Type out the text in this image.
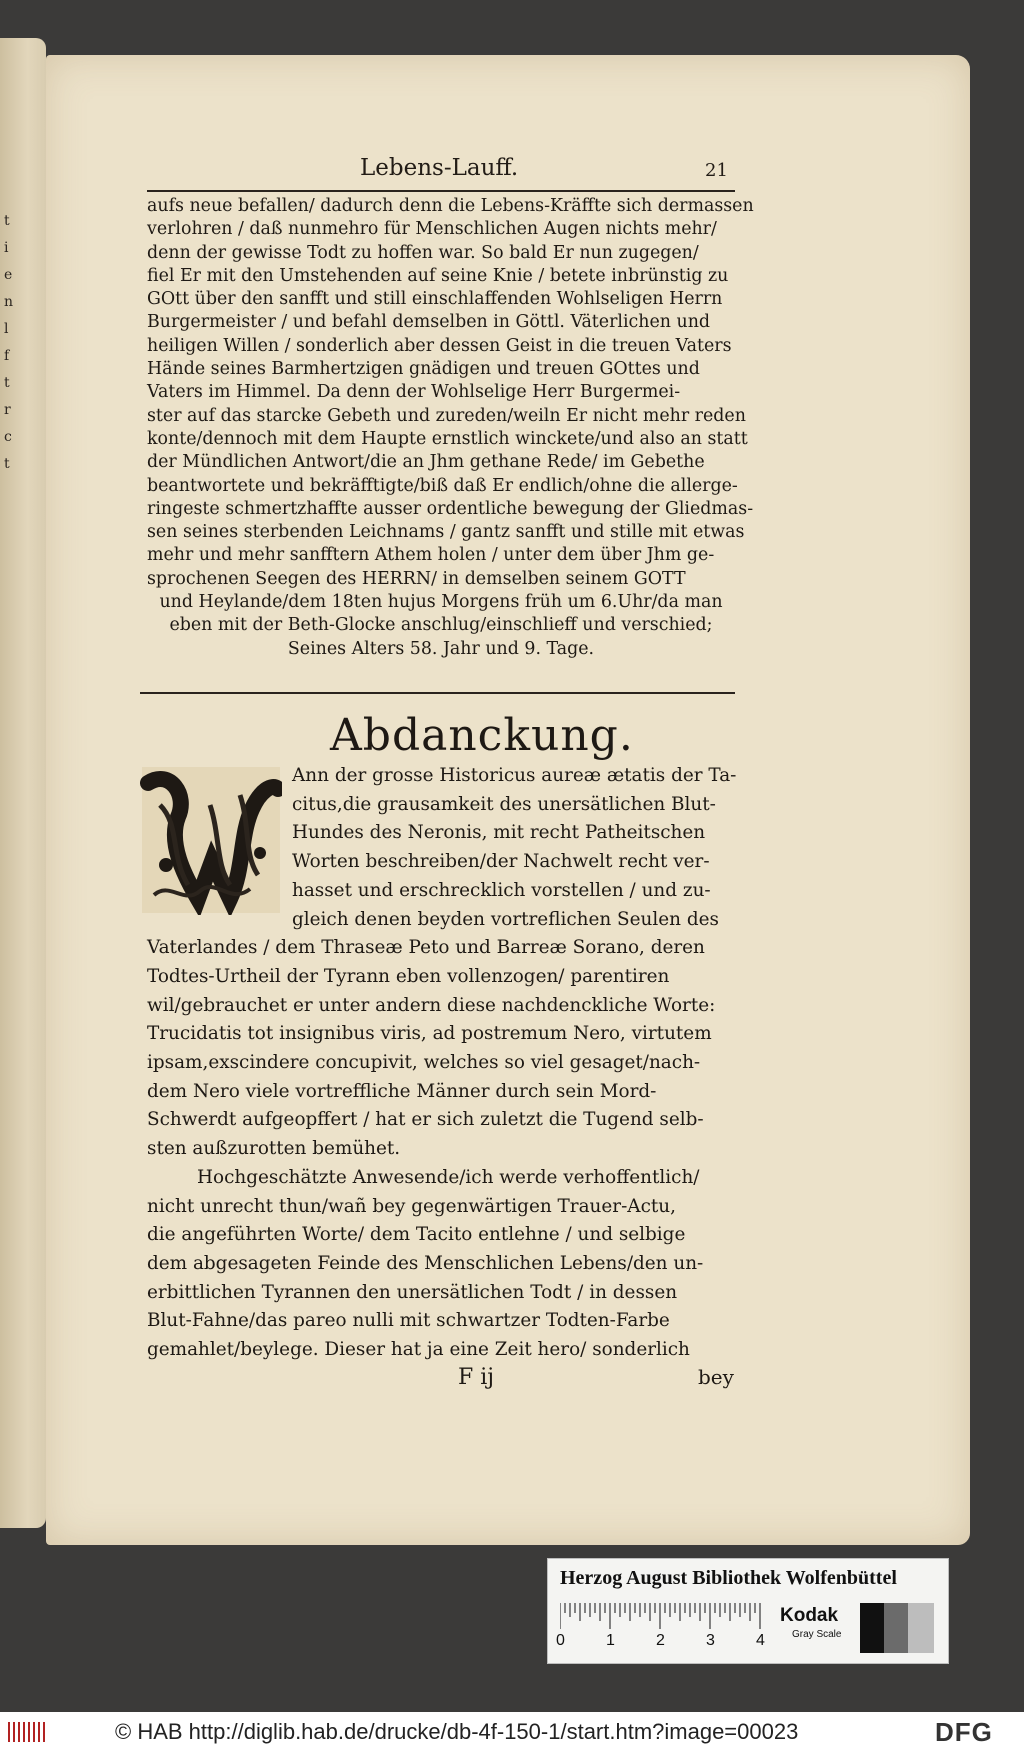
t
i
e
n
l
f
t
r
c
t
Lebens-Lauff.	21
aufs neue befallen/ dadurch denn die Lebens-Kräffte sich dermassen
verlohren / daß nunmehro für Menschlichen Augen nichts mehr/
denn der gewisse Todt zu hoffen war. So bald Er nun zugegen/
fiel Er mit den Umstehenden auf seine Knie / betete inbrünstig zu
GOtt über den sanfft und still einschlaffenden Wohlseligen Herrn
Burgermeister / und befahl demselben in Göttl. Väterlichen und
heiligen Willen / sonderlich aber dessen Geist in die treuen Vaters
Hände seines Barmhertzigen gnädigen und treuen GOttes und
Vaters im Himmel. Da denn der Wohlselige Herr Burgermei-
ster auf das starcke Gebeth und zureden/weiln Er nicht mehr reden
konte/dennoch mit dem Haupte ernstlich winckete/und also an statt
der Mündlichen Antwort/die an Jhm gethane Rede/ im Gebethe
beantwortete und bekräfftigte/biß daß Er endlich/ohne die allerge-
ringeste schmertzhaffte ausser ordentliche bewegung der Gliedmas-
sen seines sterbenden Leichnams / gantz sanfft und stille mit etwas
mehr und mehr sanfftern Athem holen / unter dem über Jhm ge-
sprochenen Seegen des HERRN/ in demselben seinem GOTT
und Heylande/dem 18ten hujus Morgens früh um 6.Uhr/da man
eben mit der Beth-Glocke anschlug/einschlieff und verschied;
Seines Alters 58. Jahr und 9. Tage.
Abdanckung.
Ann der grosse Historicus aureæ ætatis der Ta-
citus,die grausamkeit des unersätlichen Blut-
Hundes des Neronis, mit recht Patheitschen
Worten beschreiben/der Nachwelt recht ver-
hasset und erschrecklich vorstellen / und zu-
gleich denen beyden vortreflichen Seulen des
Vaterlandes / dem Thraseæ Peto und Barreæ Sorano, deren
Todtes-Urtheil der Tyrann eben vollenzogen/ parentiren
wil/gebrauchet er unter andern diese nachdenckliche Worte:
Trucidatis tot insignibus viris, ad postremum Nero, virtutem
ipsam,exscindere concupivit, welches so viel gesaget/nach-
dem Nero viele vortreffliche Männer durch sein Mord-
Schwerdt aufgeopffert / hat er sich zuletzt die Tugend selb-
sten außzurotten bemühet.
Hochgeschätzte Anwesende/ich werde verhoffentlich/
nicht unrecht thun/wañ bey gegenwärtigen Trauer-Actu,
die angeführten Worte/ dem Tacito entlehne / und selbige
dem abgesageten Feinde des Menschlichen Lebens/den un-
erbittlichen Tyrannen den unersätlichen Todt / in dessen
Blut-Fahne/das pareo nulli mit schwartzer Todten-Farbe
gemahlet/beylege. Dieser hat ja eine Zeit hero/ sonderlich
F ij	bey
Herzog August Bibliothek Wolfenbüttel
0	1	2	3	4
Kodak
Gray Scale
© HAB http://diglib.hab.de/drucke/db-4f-150-1/start.htm?image=00023	DFG
